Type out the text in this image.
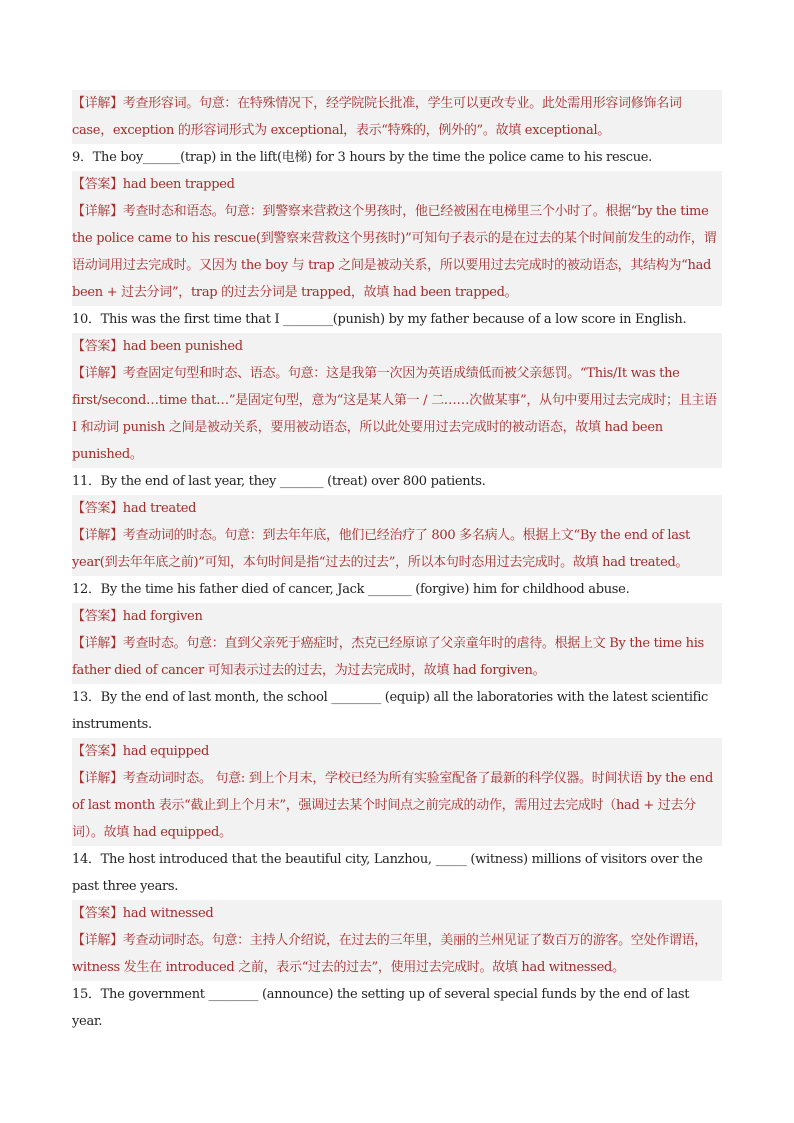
【详解】考查形容词。句意：在特殊情况下，经学院院长批准，学生可以更改专业。此处需用形容词修饰名词 case，exception 的形容词形式为 exceptional，表示“特殊的，例外的”。故填 exceptional。

9．The boy______(trap) in the lift(电梯) for 3 hours by the time the police came to his rescue.

【答案】had been trapped
【详解】考查时态和语态。句意：到警察来营救这个男孩时，他已经被困在电梯里三个小时了。根据“by the time the police came to his rescue(到警察来营救这个男孩时)”可知句子表示的是在过去的某个时间前发生的动作，谓语动词用过去完成时。又因为 the boy 与 trap 之间是被动关系，所以要用过去完成时的被动语态，其结构为“had been + 过去分词”，trap 的过去分词是 trapped，故填 had been trapped。

10．This was the first time that I ________(punish) by my father because of a low score in English.

【答案】had been punished
【详解】考查固定句型和时态、语态。句意：这是我第一次因为英语成绩低而被父亲惩罚。“This/It was the first/second…time that…”是固定句型，意为“这是某人第一 / 二……次做某事”，从句中要用过去完成时；且主语 I 和动词 punish 之间是被动关系，要用被动语态，所以此处要用过去完成时的被动语态，故填 had been punished。

11．By the end of last year, they _______ (treat) over 800 patients.

【答案】had treated
【详解】考查动词的时态。句意：到去年年底，他们已经治疗了 800 多名病人。根据上文“By the end of last year(到去年年底之前)”可知，本句时间是指“过去的过去”，所以本句时态用过去完成时。故填 had treated。

12．By the time his father died of cancer, Jack _______ (forgive) him for childhood abuse.

【答案】had forgiven
【详解】考查时态。句意：直到父亲死于癌症时，杰克已经原谅了父亲童年时的虐待。根据上文 By the time his father died of cancer 可知表示过去的过去，为过去完成时，故填 had forgiven。

13．By the end of last month, the school ________ (equip) all the laboratories with the latest scientific instruments.

【答案】had equipped
【详解】考查动词时态。 句意: 到上个月末，学校已经为所有实验室配备了最新的科学仪器。时间状语 by the end of last month 表示“截止到上个月末”，强调过去某个时间点之前完成的动作，需用过去完成时（had + 过去分词）。故填 had equipped。

14．The host introduced that the beautiful city, Lanzhou, _____ (witness) millions of visitors over the past three years.

【答案】had witnessed
【详解】考查动词时态。句意：主持人介绍说，在过去的三年里，美丽的兰州见证了数百万的游客。空处作谓语，witness 发生在 introduced 之前，表示“过去的过去”，使用过去完成时。故填 had witnessed。

15．The government ________ (announce) the setting up of several special funds by the end of last year.
